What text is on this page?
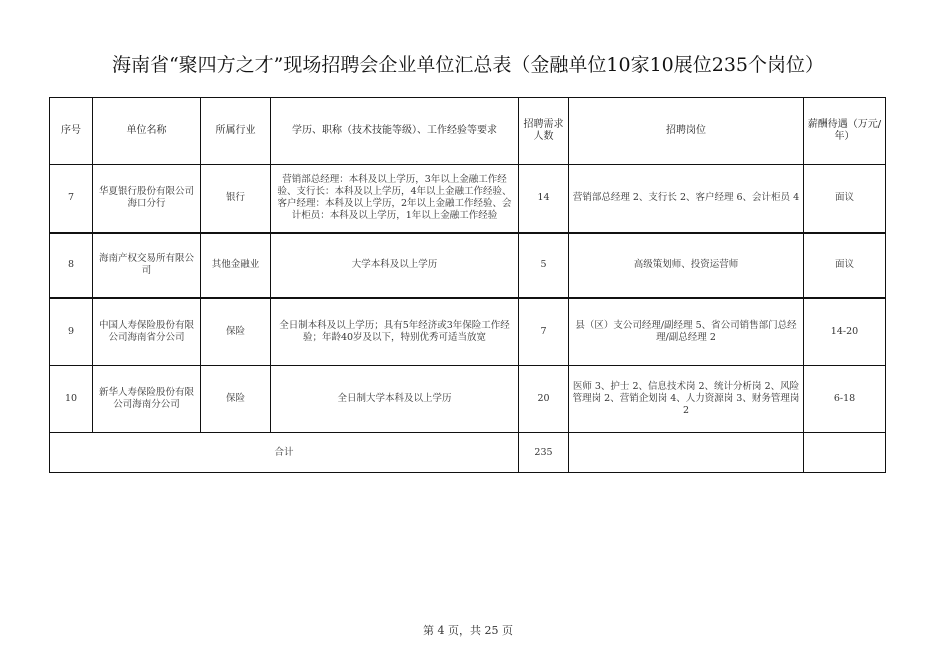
海南省“聚四方之才”现场招聘会企业单位汇总表（金融单位10家10展位235个岗位）
序号	单位名称	所属行业	学历、职称（技术技能等级）、工作经验等要求	招聘需求人数	招聘岗位	薪酬待遇（万元/年）
7	华夏银行股份有限公司海口分行	银行	营销部总经理：本科及以上学历，3年以上金融工作经验、支行长：本科及以上学历，4年以上金融工作经验、客户经理：本科及以上学历，2年以上金融工作经验、会计柜员：本科及以上学历，1年以上金融工作经验	14	营销部总经理 2、支行长 2、客户经理 6、会计柜员 4	面议
8	海南产权交易所有限公司	其他金融业	大学本科及以上学历	5	高级策划师、投资运营师	面议
9	中国人寿保险股份有限公司海南省分公司	保险	全日制本科及以上学历；具有5年经济或3年保险工作经验；年龄40岁及以下，特别优秀可适当放宽	7	县（区）支公司经理/副经理 5、省公司销售部门总经理/副总经理 2	14-20
10	新华人寿保险股份有限公司海南分公司	保险	全日制大学本科及以上学历	20	医师 3、护士 2、信息技术岗 2、统计分析岗 2、风险管理岗 2、营销企划岗 4、人力资源岗 3、财务管理岗 2	6-18
合计				235		
第 4 页，共 25 页
